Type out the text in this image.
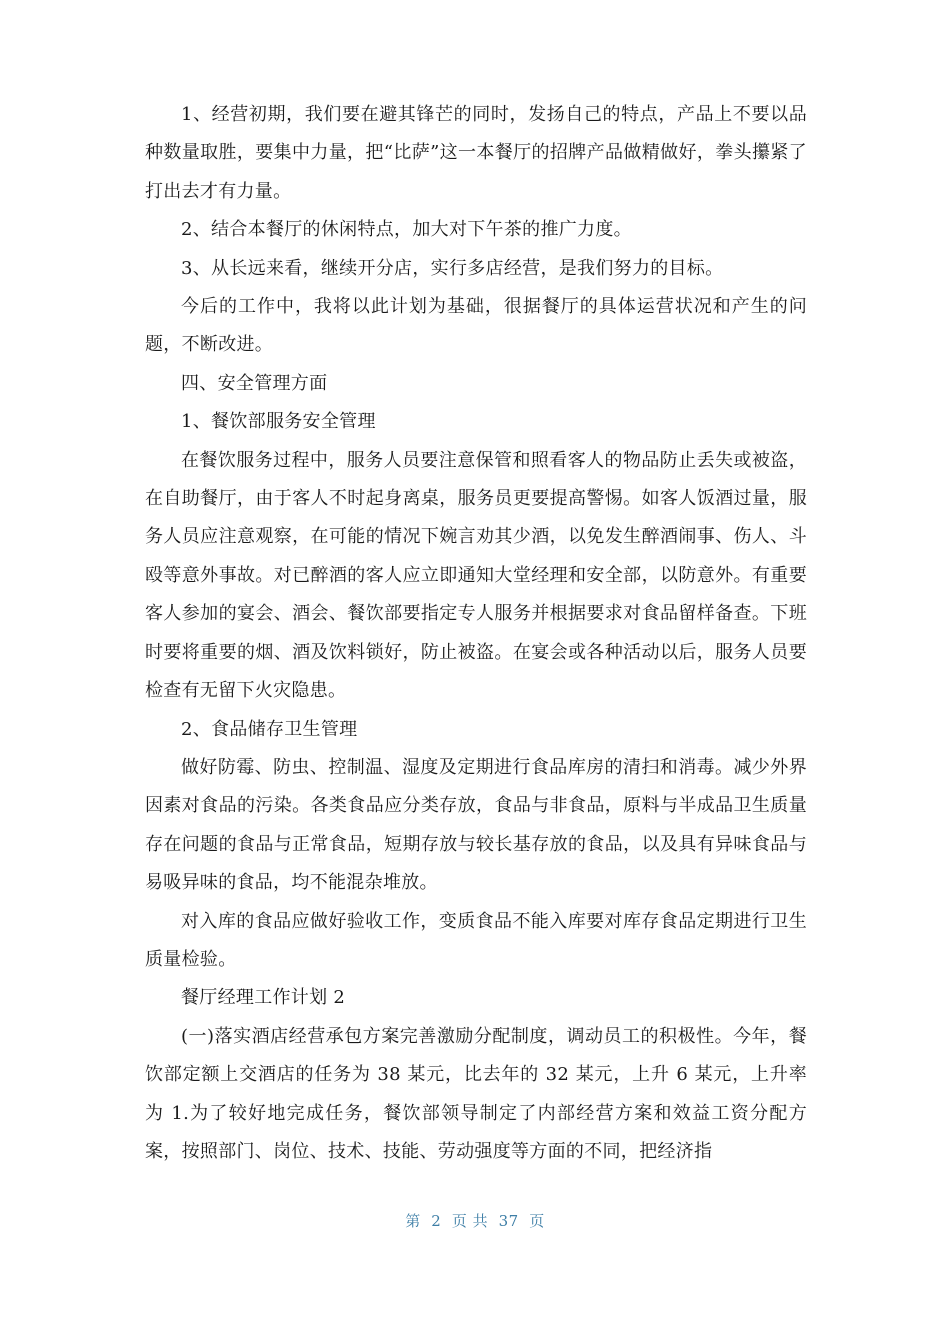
1、经营初期，我们要在避其锋芒的同时，发扬自己的特点，产品上不要以品种数量取胜，要集中力量，把“比萨”这一本餐厅的招牌产品做精做好，拳头攥紧了打出去才有力量。

2、结合本餐厅的休闲特点，加大对下午茶的推广力度。

3、从长远来看，继续开分店，实行多店经营，是我们努力的目标。

今后的工作中，我将以此计划为基础，很据餐厅的具体运营状况和产生的问题，不断改进。

四、安全管理方面

1、餐饮部服务安全管理

在餐饮服务过程中，服务人员要注意保管和照看客人的物品防止丢失或被盗，在自助餐厅，由于客人不时起身离桌，服务员更要提高警惕。如客人饭酒过量，服务人员应注意观察，在可能的情况下婉言劝其少酒，以免发生醉酒闹事、伤人、斗殴等意外事故。对已醉酒的客人应立即通知大堂经理和安全部，以防意外。有重要客人参加的宴会、酒会、餐饮部要指定专人服务并根据要求对食品留样备查。下班时要将重要的烟、酒及饮料锁好，防止被盗。在宴会或各种活动以后，服务人员要检查有无留下火灾隐患。

2、食品储存卫生管理

做好防霉、防虫、控制温、湿度及定期进行食品库房的清扫和消毒。减少外界因素对食品的污染。各类食品应分类存放，食品与非食品，原料与半成品卫生质量存在问题的食品与正常食品，短期存放与较长基存放的食品，以及具有异味食品与易吸异味的食品，均不能混杂堆放。

对入库的食品应做好验收工作，变质食品不能入库要对库存食品定期进行卫生质量检验。

餐厅经理工作计划 2

(一)落实酒店经营承包方案完善激励分配制度，调动员工的积极性。今年，餐饮部定额上交酒店的任务为 38 某元，比去年的 32 某元，上升 6 某元，上升率为 1.为了较好地完成任务，餐饮部领导制定了内部经营方案和效益工资分配方案，按照部门、岗位、技术、技能、劳动强度等方面的不同，把经济指

第  2  页 共  37  页
